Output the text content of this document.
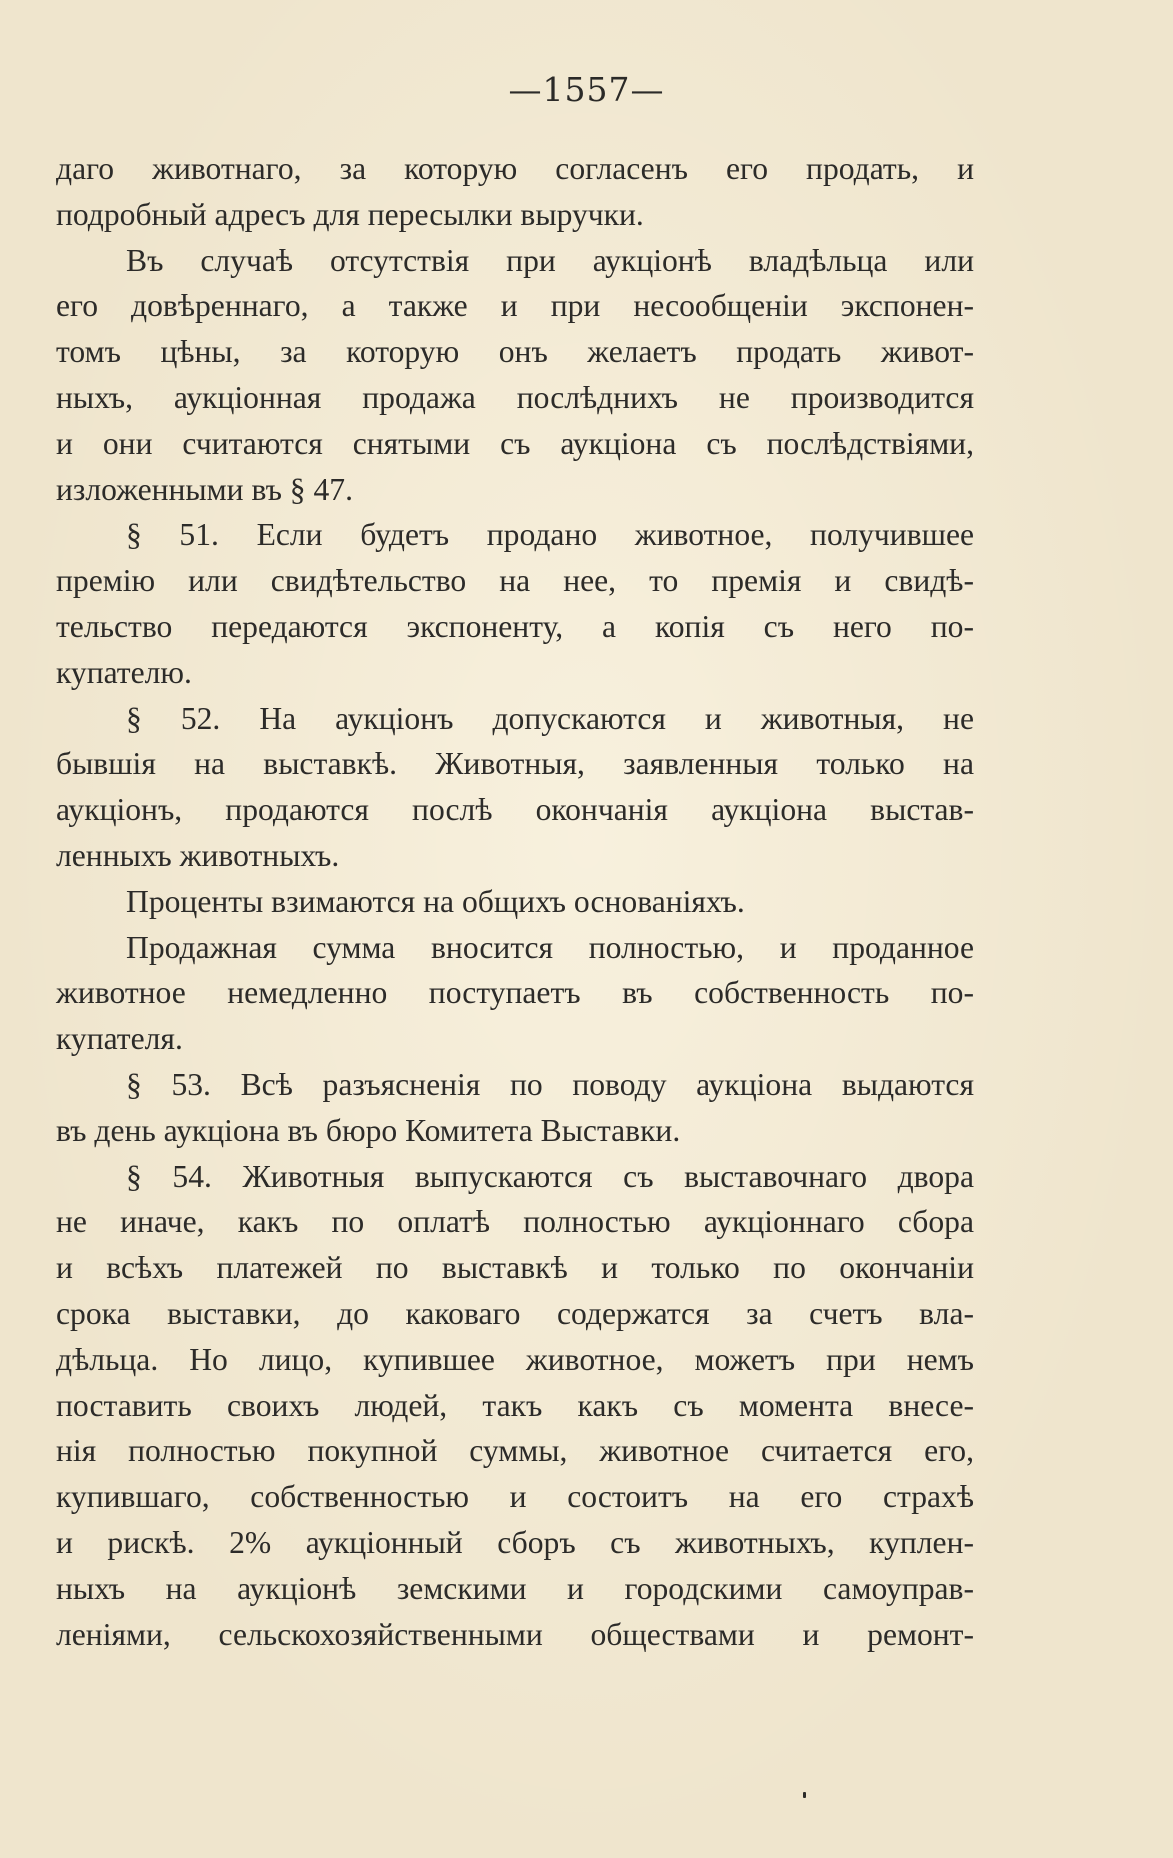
—1557—
даго животнаго, за которую согласенъ его продать, и
подробный адресъ для пересылки выручки.
Въ случаѣ отсутствія при аукціонѣ владѣльца или
его довѣреннаго, а также и при несообщеніи экспонен-
томъ цѣны, за которую онъ желаетъ продать живот-
ныхъ, аукціонная продажа послѣднихъ не производится
и они считаются снятыми съ аукціона съ послѣдствіями,
изложенными въ § 47.
§ 51. Если будетъ продано животное, получившее
премію или свидѣтельство на нее, то премія и свидѣ-
тельство передаются экспоненту, а копія съ него по-
купателю.
§ 52. На аукціонъ допускаются и животныя, не
бывшія на выставкѣ. Животныя, заявленныя только на
аукціонъ, продаются послѣ окончанія аукціона выстав-
ленныхъ животныхъ.
Проценты взимаются на общихъ основаніяхъ.
Продажная сумма вносится полностью, и проданное
животное немедленно поступаетъ въ собственность по-
купателя.
§ 53. Всѣ разъясненія по поводу аукціона выдаются
въ день аукціона въ бюро Комитета Выставки.
§ 54. Животныя выпускаются съ выставочнаго двора
не иначе, какъ по оплатѣ полностью аукціоннаго сбора
и всѣхъ платежей по выставкѣ и только по окончаніи
срока выставки, до каковаго содержатся за счетъ вла-
дѣльца. Но лицо, купившее животное, можетъ при немъ
поставить своихъ людей, такъ какъ съ момента внесе-
нія полностью покупной суммы, животное считается его,
купившаго, собственностью и состоитъ на его страхѣ
и рискѣ. 2% аукціонный сборъ съ животныхъ, куплен-
ныхъ на аукціонѣ земскими и городскими самоуправ-
леніями, сельскохозяйственными обществами и ремонт-
